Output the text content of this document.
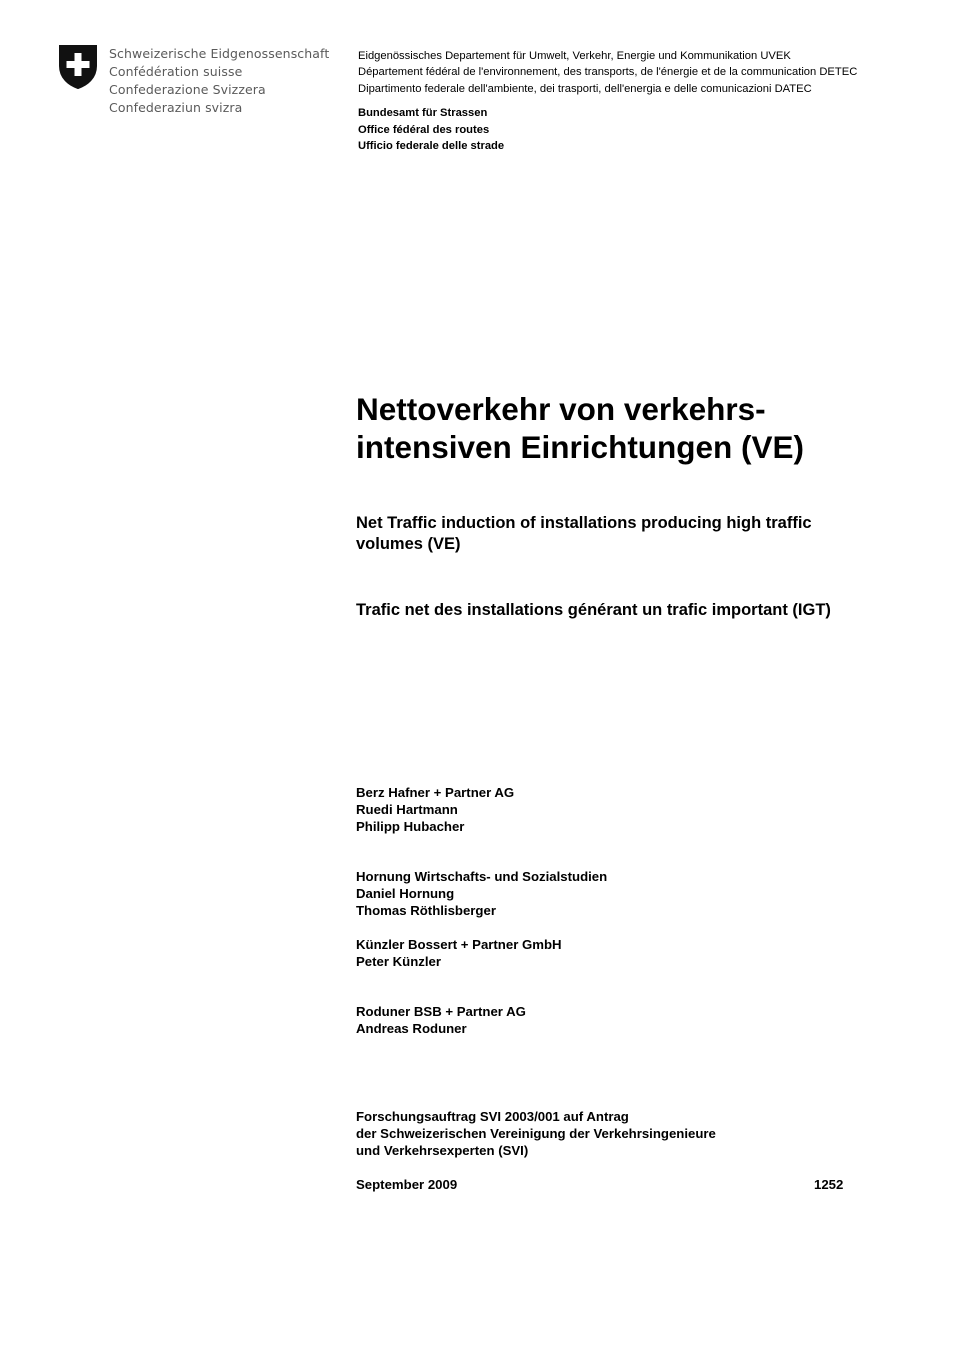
Schweizerische Eidgenossenschaft
Confédération suisse
Confederazione Svizzera
Confederaziun svizra
Eidgenössisches Departement für Umwelt, Verkehr, Energie und Kommunikation UVEK
Département fédéral de l'environnement, des transports, de l'énergie et de la communication DETEC
Dipartimento federale dell'ambiente, dei trasporti, dell'energia e delle comunicazioni DATEC
Bundesamt für Strassen
Office fédéral des routes
Ufficio federale delle strade
Nettoverkehr von verkehrs-intensiven Einrichtungen (VE)
Net Traffic induction of installations producing high traffic volumes (VE)
Trafic net des installations générant un trafic important (IGT)
Berz Hafner + Partner AG
Ruedi Hartmann
Philipp Hubacher
Hornung Wirtschafts- und Sozialstudien
Daniel Hornung
Thomas Röthlisberger
Künzler Bossert + Partner GmbH
Peter Künzler
Roduner BSB + Partner AG
Andreas Roduner
Forschungsauftrag SVI 2003/001 auf Antrag
der Schweizerischen Vereinigung der Verkehrsingenieure
und Verkehrsexperten (SVI)
September 2009	1252
